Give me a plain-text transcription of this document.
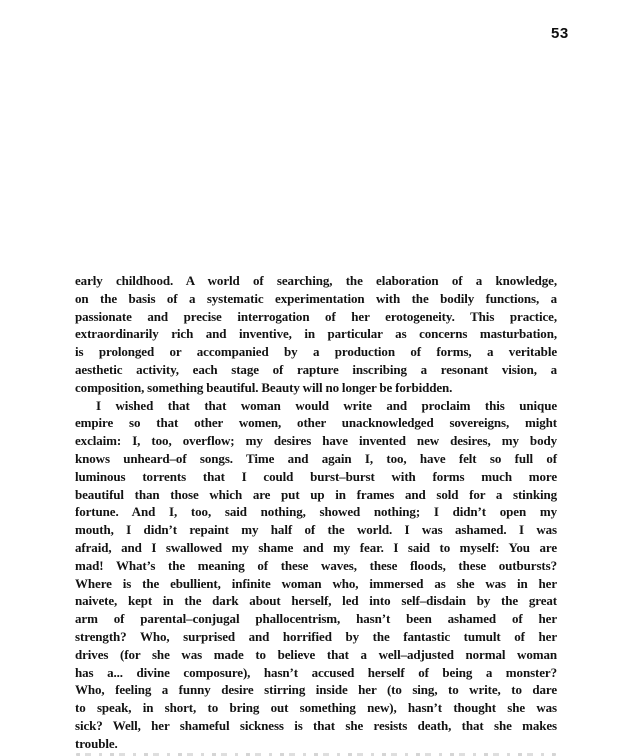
53
early childhood. A world of searching, the elaboration of a knowledge,
on the basis of a systematic experimentation with the bodily functions, a
passionate and precise interrogation of her erotogeneity. This practice,
extraordinarily rich and inventive, in particular as concerns masturbation,
is prolonged or accompanied by a production of forms, a veritable
aesthetic activity, each stage of rapture inscribing a resonant vision, a
composition, something beautiful. Beauty will no longer be forbidden.
I wished that that woman would write and proclaim this unique
empire so that other women, other unacknowledged sovereigns, might
exclaim: I, too, overflow; my desires have invented new desires, my body
knows unheard–of songs. Time and again I, too, have felt so full of
luminous torrents that I could burst–burst with forms much more
beautiful than those which are put up in frames and sold for a stinking
fortune. And I, too, said nothing, showed nothing; I didn’t open my
mouth, I didn’t repaint my half of the world. I was ashamed. I was
afraid, and I swallowed my shame and my fear. I said to myself: You are
mad! What’s the meaning of these waves, these floods, these outbursts?
Where is the ebullient, infinite woman who, immersed as she was in her
naivete, kept in the dark about herself, led into self–disdain by the great
arm of parental–conjugal phallocentrism, hasn’t been ashamed of her
strength? Who, surprised and horrified by the fantastic tumult of her
drives (for she was made to believe that a well–adjusted normal woman
has a... divine composure), hasn’t accused herself of being a monster?
Who, feeling a funny desire stirring inside her (to sing, to write, to dare
to speak, in short, to bring out something new), hasn’t thought she was
sick? Well, her shameful sickness is that she resists death, that she makes
trouble.
